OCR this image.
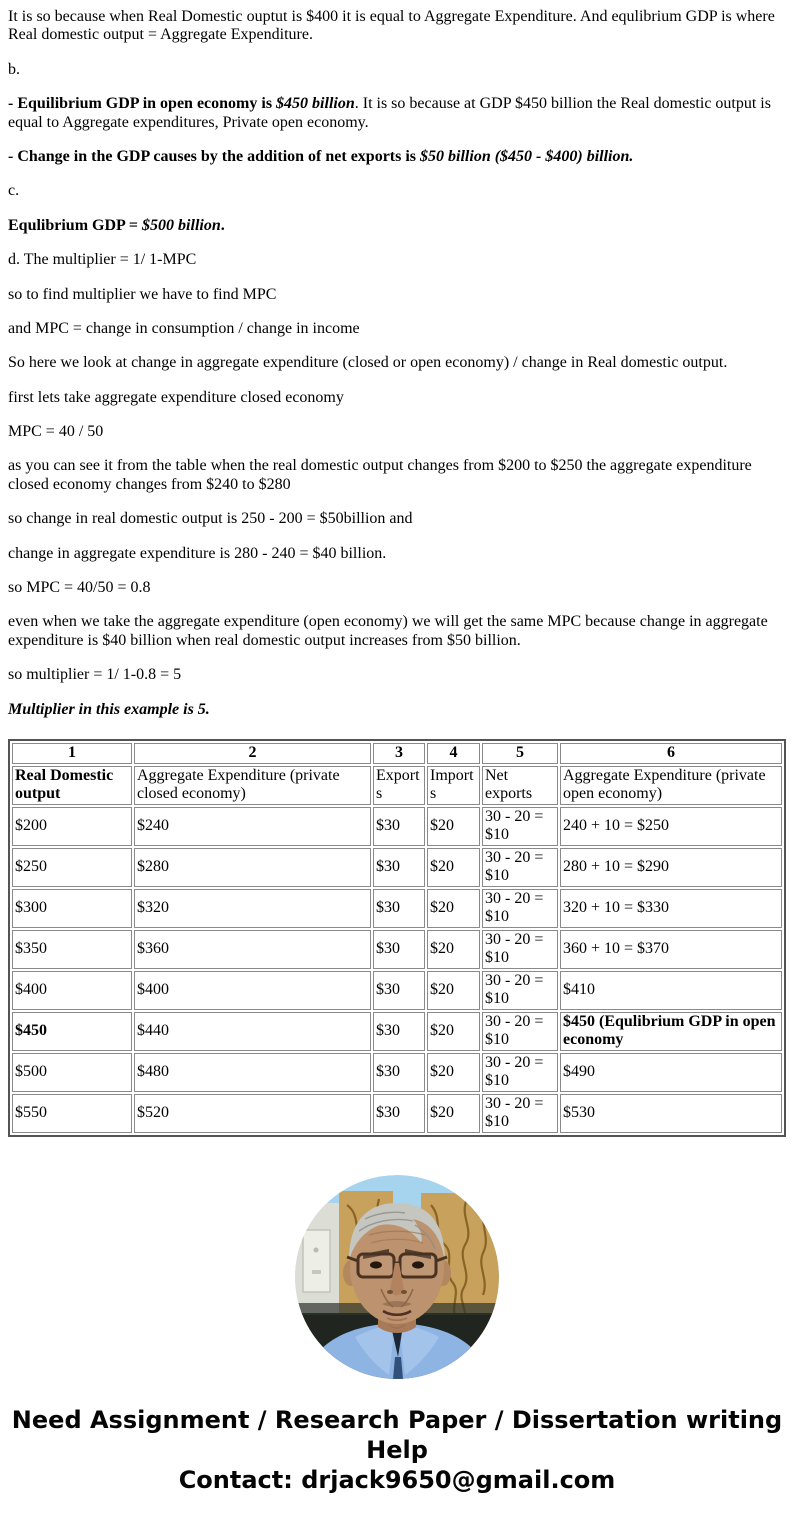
It is so because when Real Domestic ouptut is $400 it is equal to Aggregate Expenditure. And equlibrium GDP is where Real domestic output = Aggregate Expenditure.

b.

- Equilibrium GDP in open economy is $450 billion. It is so because at GDP $450 billion the Real domestic output is equal to Aggregate expenditures, Private open economy.

- Change in the GDP causes by the addition of net exports is $50 billion ($450 - $400) billion.

c.

Equlibrium GDP = $500 billion.

d. The multiplier = 1/ 1-MPC

so to find multiplier we have to find MPC

and MPC = change in consumption / change in income

So here we look at change in aggregate expenditure (closed or open economy) / change in Real domestic output.

first lets take aggregate expenditure closed economy

MPC = 40 / 50

as you can see it from the table when the real domestic output changes from $200 to $250 the aggregate expenditure closed economy changes from $240 to $280

so change in real domestic output is 250 - 200 = $50billion and

change in aggregate expenditure is 280 - 240 = $40 billion.

so MPC = 40/50 = 0.8

even when we take the aggregate expenditure (open economy) we will get the same MPC because change in aggregate expenditure is $40 billion when real domestic output increases from $50 billion.

so multiplier = 1/ 1-0.8 = 5

Multiplier in this example is 5.

1	2	3	4	5	6
Real Domestic output	Aggregate Expenditure (private closed economy)	Exports	Imports	Net exports	Aggregate Expenditure (private open economy)
$200	$240	$30	$20	30 - 20 = $10	240 + 10 = $250
$250	$280	$30	$20	30 - 20 = $10	280 + 10 = $290
$300	$320	$30	$20	30 - 20 = $10	320 + 10 = $330
$350	$360	$30	$20	30 - 20 = $10	360 + 10 = $370
$400	$400	$30	$20	30 - 20 = $10	$410
$450	$440	$30	$20	30 - 20 = $10	$450 (Equlibrium GDP in open economy
$500	$480	$30	$20	30 - 20 = $10	$490
$550	$520	$30	$20	30 - 20 = $10	$530
Need Assignment / Research Paper / Dissertation writing Help
Contact: drjack9650@gmail.com
